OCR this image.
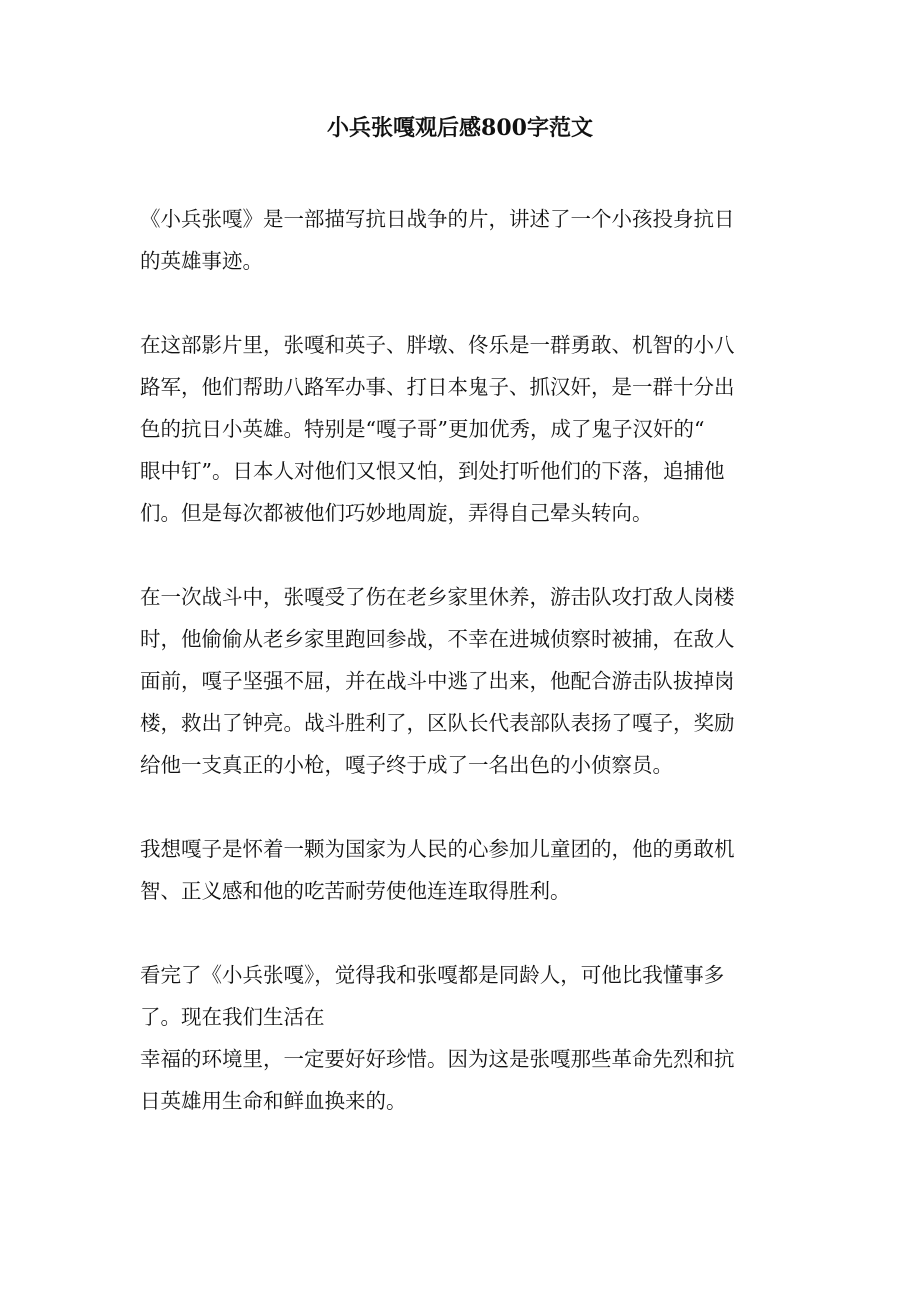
小兵张嘎观后感800字范文

《小兵张嘎》是一部描写抗日战争的片，讲述了一个小孩投身抗日
的英雄事迹。

在这部影片里，张嘎和英子、胖墩、佟乐是一群勇敢、机智的小八
路军，他们帮助八路军办事、打日本鬼子、抓汉奸，是一群十分出
色的抗日小英雄。特别是“嘎子哥”更加优秀，成了鬼子汉奸的“
眼中钉”。日本人对他们又恨又怕，到处打听他们的下落，追捕他
们。但是每次都被他们巧妙地周旋，弄得自己晕头转向。

在一次战斗中，张嘎受了伤在老乡家里休养，游击队攻打敌人岗楼
时，他偷偷从老乡家里跑回参战，不幸在进城侦察时被捕，在敌人
面前，嘎子坚强不屈，并在战斗中逃了出来，他配合游击队拔掉岗
楼，救出了钟亮。战斗胜利了，区队长代表部队表扬了嘎子，奖励
给他一支真正的小枪，嘎子终于成了一名出色的小侦察员。

我想嘎子是怀着一颗为国家为人民的心参加儿童团的，他的勇敢机
智、正义感和他的吃苦耐劳使他连连取得胜利。

看完了《小兵张嘎》，觉得我和张嘎都是同龄人，可他比我懂事多
了。现在我们生活在

幸福的环境里，一定要好好珍惜。因为这是张嘎那些革命先烈和抗
日英雄用生命和鲜血换来的。
